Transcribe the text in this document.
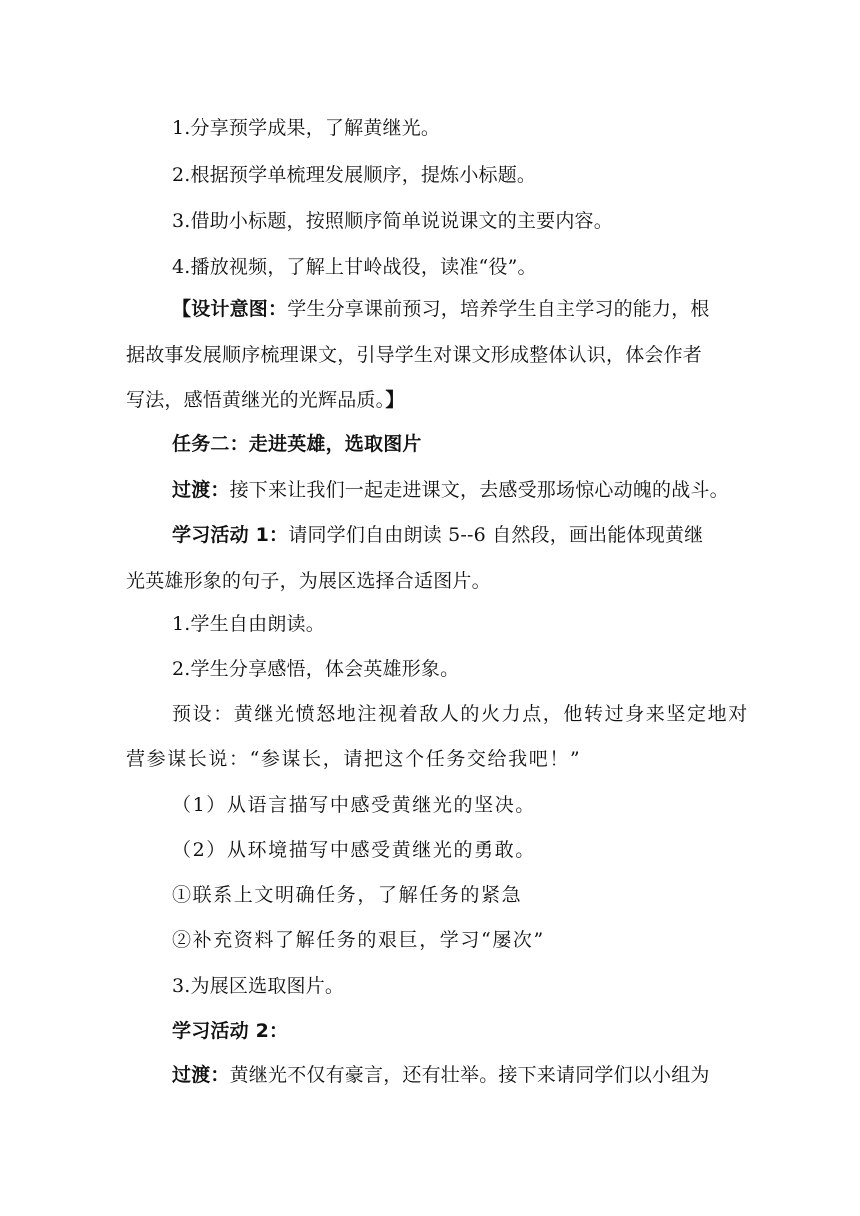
1.分享预学成果，了解黄继光。
2.根据预学单梳理发展顺序，提炼小标题。
3.借助小标题，按照顺序简单说说课文的主要内容。
4.播放视频，了解上甘岭战役，读准“役”。
【设计意图：学生分享课前预习，培养学生自主学习的能力，根
据故事发展顺序梳理课文，引导学生对课文形成整体认识，体会作者
写法，感悟黄继光的光辉品质。】
任务二：走进英雄，选取图片
过渡：接下来让我们一起走进课文，去感受那场惊心动魄的战斗。
学习活动 1：请同学们自由朗读 5--6 自然段，画出能体现黄继
光英雄形象的句子，为展区选择合适图片。
1.学生自由朗读。
2.学生分享感悟，体会英雄形象。
预设：黄继光愤怒地注视着敌人的火力点，他转过身来坚定地对
营参谋长说：“参谋长，请把这个任务交给我吧！”
（1）从语言描写中感受黄继光的坚决。
（2）从环境描写中感受黄继光的勇敢。
①联系上文明确任务，了解任务的紧急
②补充资料了解任务的艰巨，学习“屡次”
3.为展区选取图片。
学习活动 2：
过渡：黄继光不仅有豪言，还有壮举。接下来请同学们以小组为
